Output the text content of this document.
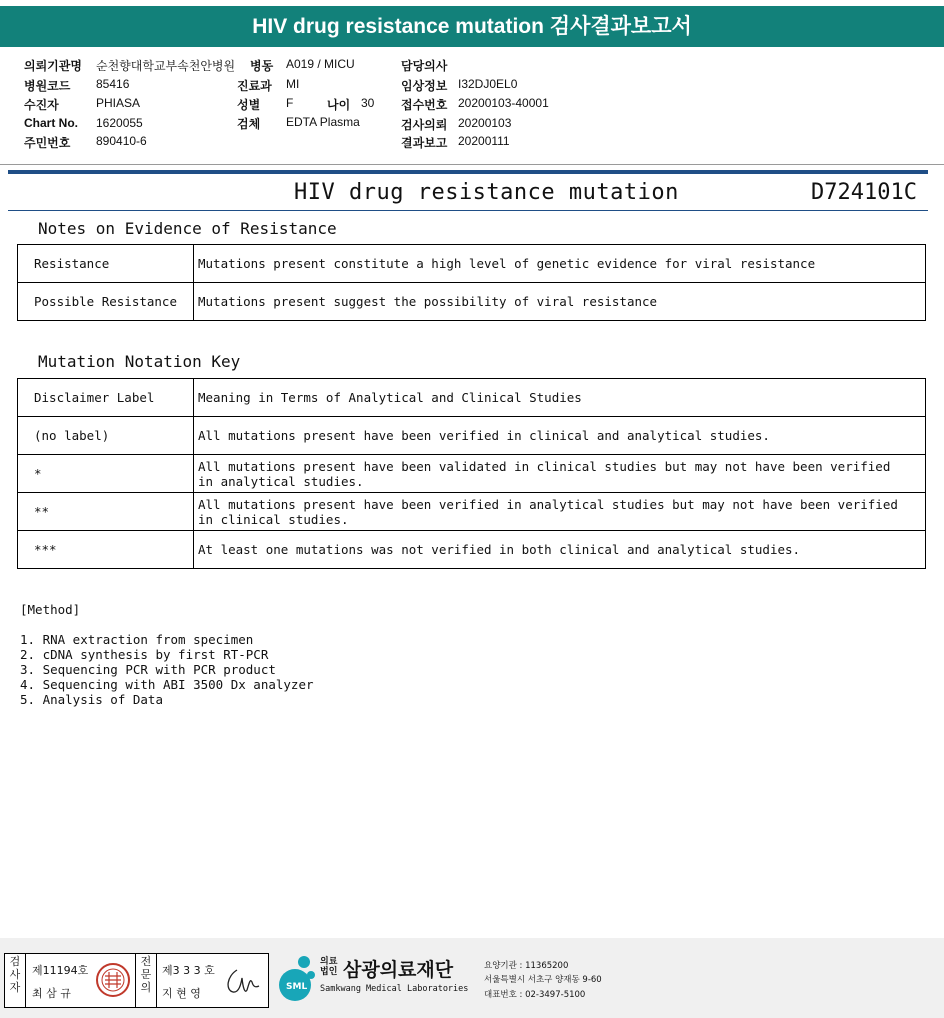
HIV drug resistance mutation 검사결과보고서
의뢰기관명 순천향대학교부속천안병원
병원코드 85416
수진자	PHIASA
Chart No. 1620055
주민번호 890410-6
병동 A019 / MICU
진료과 MI
성별 F	나이 30
검체 EDTA Plasma
담당의사
임상정보 I32DJ0EL0
접수번호 20200103-40001
검사의뢰 20200103
결과보고 20200111
HIV drug resistance mutation	D724101C
Notes on Evidence of Resistance
Resistance	Mutations present constitute a high level of genetic evidence for viral resistance
Possible Resistance	Mutations present suggest the possibility of viral resistance
Mutation Notation Key
Disclaimer Label	Meaning in Terms of Analytical and Clinical Studies
(no label)	All mutations present have been verified in clinical and analytical studies.
*	All mutations present have been validated in clinical studies but may not have been verified in analytical studies.
**	All mutations present have been verified in analytical studies but may not have been verified in clinical studies.
***	At least one mutations was not verified in both clinical and analytical studies.
[Method]
1. RNA extraction from specimen
2. cDNA synthesis by first RT-PCR
3. Sequencing PCR with PCR product
4. Sequencing with ABI 3500 Dx analyzer
5. Analysis of Data
검
사
자
제11194호
최 삼 규
전
문
의
제3 3 3 호
지 현 영	SML
의료
법인 삼광의료재단
Samkwang Medical Laboratories
요양기관 : 11365200
서울특별시 서초구 양재동 9-60
대표번호 : 02-3497-5100
